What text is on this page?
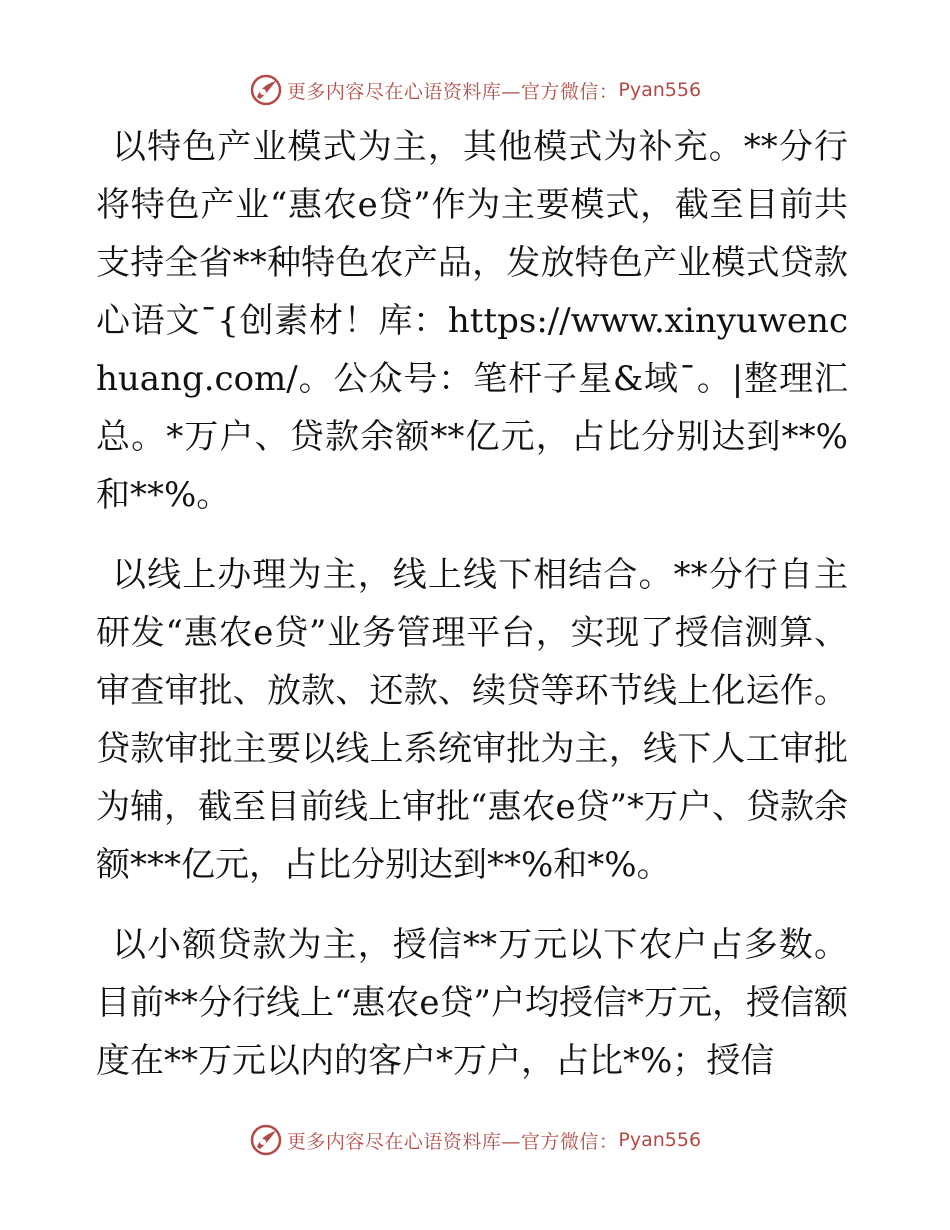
更多内容尽在心语资料库—官方微信： Pyan556

以特色产业模式为主，其他模式为补充。**分行将特色产业“惠农e贷”作为主要模式，截至目前共支持全省**种特色农产品，发放特色产业模式贷款心语文¯{创素材！库：https://www.xinyuwenchuang.com/。公众号：笔杆子星&域¯。|整理汇总。*万户、贷款余额**亿元，占比分别达到**%和**%。

以线上办理为主，线上线下相结合。**分行自主研发“惠农e贷”业务管理平台，实现了授信测算、审查审批、放款、还款、续贷等环节线上化运作。贷款审批主要以线上系统审批为主，线下人工审批为辅，截至目前线上审批“惠农e贷”*万户、贷款余额***亿元，占比分别达到**%和*%。

以小额贷款为主，授信**万元以下农户占多数。目前**分行线上“惠农e贷”户均授信*万元，授信额度在**万元以内的客户*万户，占比*%；授信

更多内容尽在心语资料库—官方微信： Pyan556
